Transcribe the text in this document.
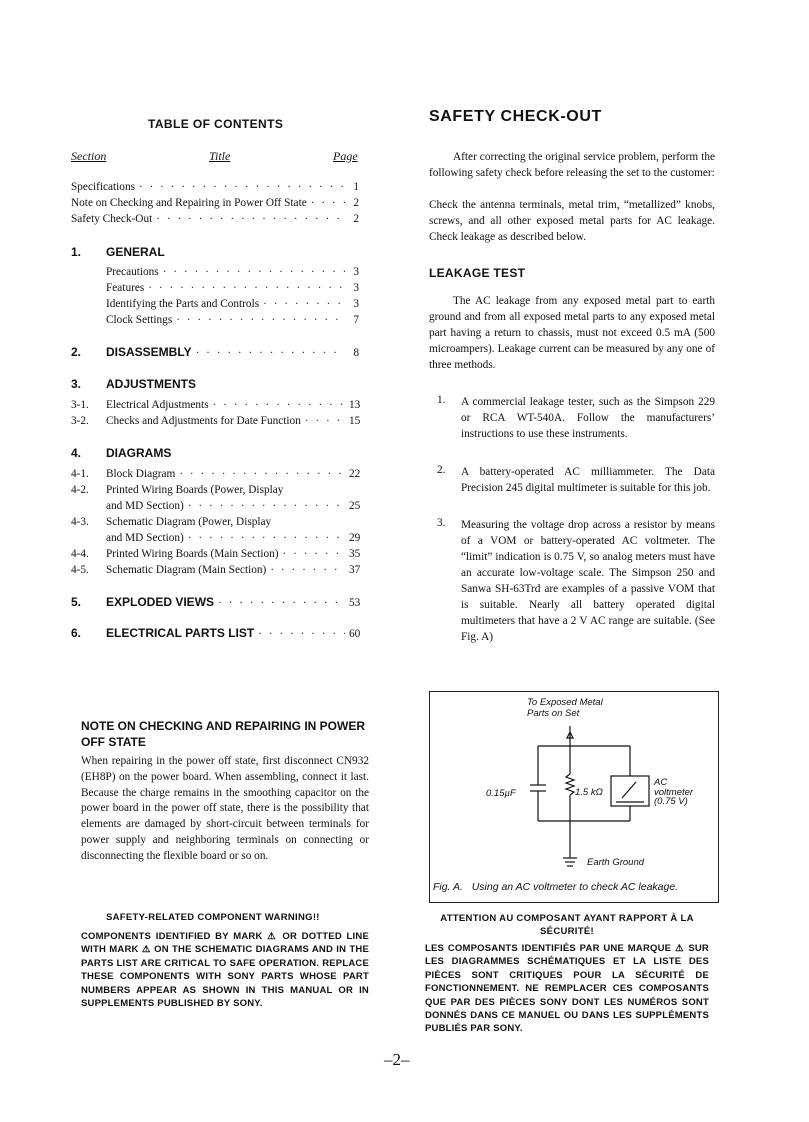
TABLE OF CONTENTS
Section	Title	Page
Specifications · · ·	1
Note on Checking and Repairing in Power Off State · · ·	2
Safety Check-Out · · ·	2
1. GENERAL
Precautions · · ·	3
Features · · ·	3
Identifying the Parts and Controls · · ·	3
Clock Settings · · ·	7
2. DISASSEMBLY · · ·	8
3. ADJUSTMENTS
3-1. Electrical Adjustments · · ·	13
3-2. Checks and Adjustments for Date Function · · ·	15
4. DIAGRAMS
4-1. Block Diagram · · ·	22
4-2. Printed Wiring Boards (Power, Display
and MD Section) · · ·	25
4-3. Schematic Diagram (Power, Display
and MD Section) · · ·	29
4-4. Printed Wiring Boards (Main Section) · · ·	35
4-5. Schematic Diagram (Main Section) · · ·	37
5. EXPLODED VIEWS · · ·	53
6. ELECTRICAL PARTS LIST · · ·	60
NOTE ON CHECKING AND REPAIRING IN POWER OFF STATE
When repairing in the power off state, first disconnect CN932 (EH8P) on the power board. When assembling, connect it last. Because the charge remains in the smoothing capacitor on the power board in the power off state, there is the possibility that elements are damaged by short-circuit between terminals for power supply and neighboring terminals on connecting or disconnecting the flexible board or so on.
SAFETY CHECK-OUT
After correcting the original service problem, perform the following safety check before releasing the set to the customer:
Check the antenna terminals, metal trim, “metallized” knobs, screws, and all other exposed metal parts for AC leakage. Check leakage as described below.
LEAKAGE TEST
The AC leakage from any exposed metal part to earth ground and from all exposed metal parts to any exposed metal part having a return to chassis, must not exceed 0.5 mA (500 microampers). Leakage current can be measured by any one of three methods.
1. A commercial leakage tester, such as the Simpson 229 or RCA WT-540A. Follow the manufacturers’ instructions to use these instruments.
2. A battery-operated AC milliammeter. The Data Precision 245 digital multimeter is suitable for this job.
3. Measuring the voltage drop across a resistor by means of a VOM or battery-operated AC voltmeter. The “limit” indication is 0.75 V, so analog meters must have an accurate low-voltage scale. The Simpson 250 and Sanwa SH-63Trd are examples of a passive VOM that is suitable. Nearly all battery operated digital multimeters that have a 2 V AC range are suitable. (See Fig. A)
To Exposed Metal
Parts on Set
0.15µF	1.5 kΩ
AC
voltmeter
(0.75 V)
Earth Ground
Fig. A.   Using an AC voltmeter to check AC leakage.
SAFETY-RELATED COMPONENT WARNING!!
COMPONENTS IDENTIFIED BY MARK ⚠ OR DOTTED LINE WITH MARK ⚠ ON THE SCHEMATIC DIAGRAMS AND IN THE PARTS LIST ARE CRITICAL TO SAFE OPERATION. REPLACE THESE COMPONENTS WITH SONY PARTS WHOSE PART NUMBERS APPEAR AS SHOWN IN THIS MANUAL OR IN SUPPLEMENTS PUBLISHED BY SONY.
ATTENTION AU COMPOSANT AYANT RAPPORT À LA SÉCURITÉ!
LES COMPOSANTS IDENTIFIÉS PAR UNE MARQUE ⚠ SUR LES DIAGRAMMES SCHÉMATIQUES ET LA LISTE DES PIÈCES SONT CRITIQUES POUR LA SÉCURITÉ DE FONCTIONNEMENT. NE REMPLACER CES COMPOSANTS QUE PAR DES PIÈCES SONY DONT LES NUMÉROS SONT DONNÉS DANS CE MANUEL OU DANS LES SUPPLÉMENTS PUBLIÉS PAR SONY.
–2–
